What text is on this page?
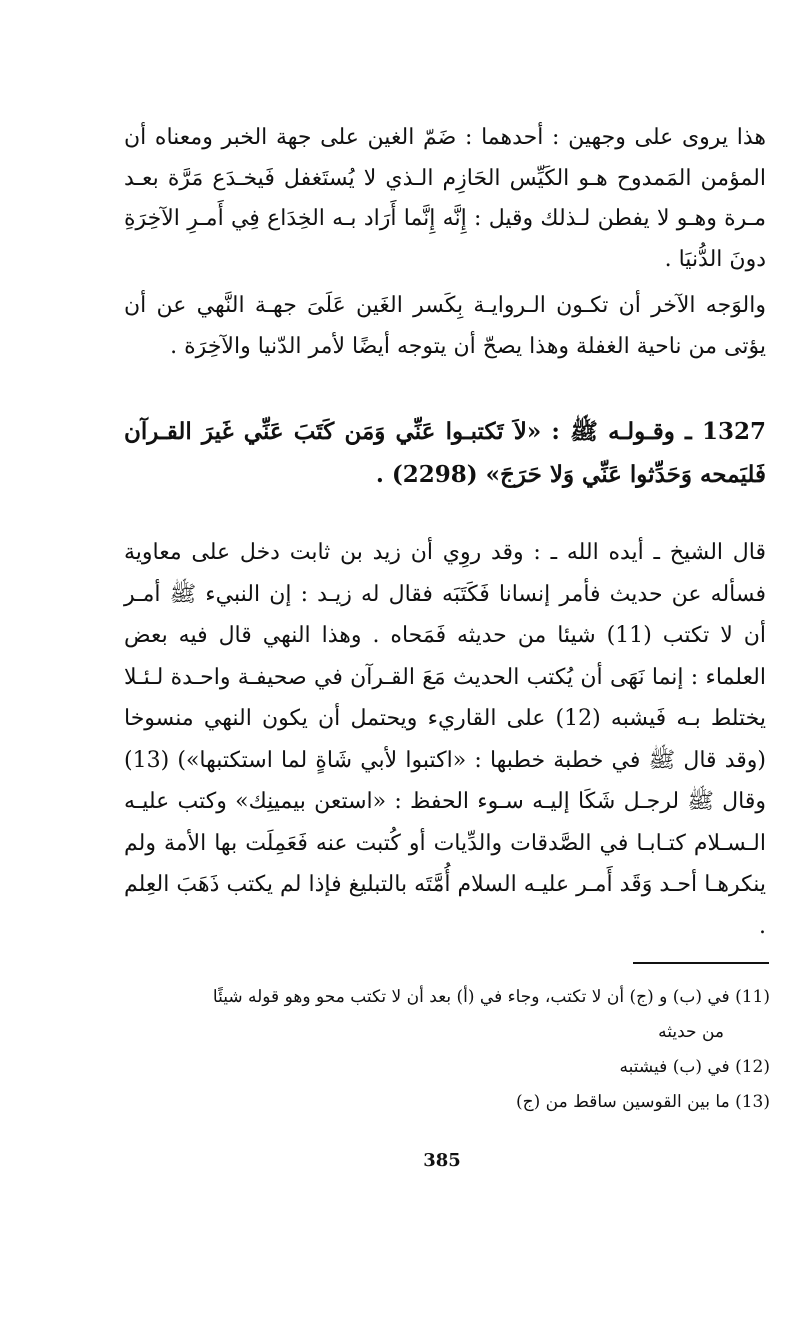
هذا يروى على وجهين : أحدهما : ضَمّ الغين على جهة الخبر ومعناه أن المؤمن المَمدوح هـو الكَيِّس الحَازِم الـذي لا يُستَغفل فَيخـدَع مَرَّة بعـد مـرة وهـو لا يفطن لـذلك وقيل : إِنَّه إِنَّما أَرَاد بـه الخِدَاع فِي أَمـرِ الآخِرَةِ دونَ الدُّنيَا .

والوَجه الآخر أن تكـون الـروايـة بِكَسر الغَين عَلَىَ جهـة النَّهي عن أن يؤتى من ناحية الغفلة وهذا يصحّ أن يتوجه أيضًا لأمر الدّنيا والآخِرَة .

1327 ـ وقـولـه ﷺ : «لاَ تَكتبـوا عَنِّي وَمَن كَتَبَ عَنِّي غَيرَ القـرآن فَليَمحه وَحَدِّثوا عَنِّي وَلا حَرَجَ» (2298) .

قال الشيخ ـ أيده الله ـ : وقد روِي أن زيد بن ثابت دخل على معاوية فسأله عن حديث فأمر إنسانا فَكَتَبَه فقال له زيـد : إن النبيء ﷺ أمـر أن لا تكتب (11) شيئا من حديثه فَمَحاه . وهذا النهي قال فيه بعض العلماء : إنما نَهَى أن يُكتب الحديث مَعَ القـرآن في صحيفـة واحـدة لـئـلا يختلط بـه فَيشبه (12) على القاريء ويحتمل أن يكون النهي منسوخا (وقد قال ﷺ في خطبة خطبها : «اكتبوا لأبي شَاةٍ لما استكتبها») (13) وقال ﷺ لرجـل شَكَا إليـه سـوء الحفظ : «استعن بيمينِك» وكتب عليـه الـسـلام كتـابـا في الصَّدقات والدِّيات أو كُتبت عنه فَعَمِلَت بها الأمة ولم ينكرهـا أحـد وَقَد أَمـر عليـه السلام أُمَّتَه بالتبليغ فإذا لم يكتب ذَهَبَ العِلم .

(11) في (ب) و (ج) أن لا تكتب، وجاء في (أ) بعد أن لا تكتب محو وهو قوله شيئًا
من حديثه
(12) في (ب) فيشتبه
(13) ما بين القوسين ساقط من (ج)
385
